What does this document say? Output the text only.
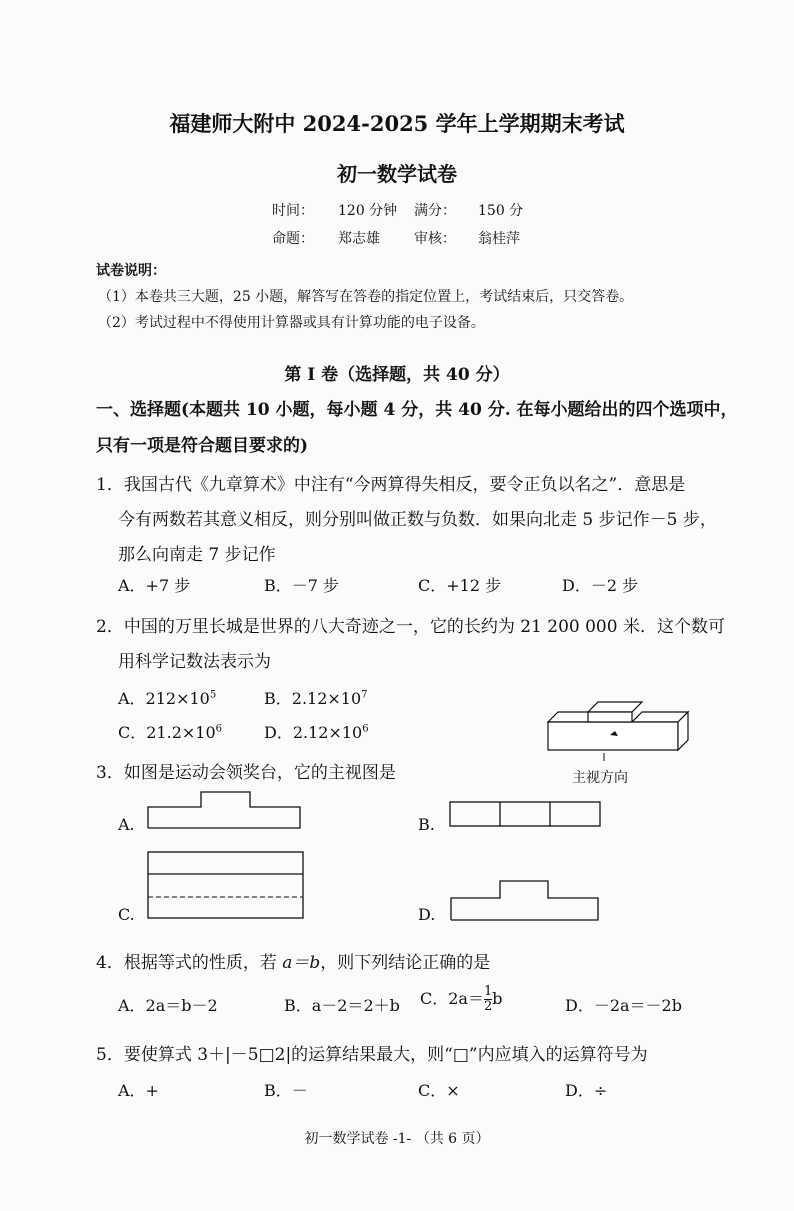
福建师大附中 2024-2025 学年上学期期末考试
初一数学试卷
时间： 120 分钟 满分： 150 分
命题： 郑志雄 审核： 翁桂萍
试卷说明：
（1）本卷共三大题，25 小题，解答写在答卷的指定位置上，考试结束后，只交答卷。
（2）考试过程中不得使用计算器或具有计算功能的电子设备。
第 I 卷（选择题，共 40 分）
一、选择题(本题共 10 小题，每小题 4 分，共 40 分. 在每小题给出的四个选项中，
只有一项是符合题目要求的)
1．我国古代《九章算术》中注有“今两算得失相反，要令正负以名之”．意思是
今有两数若其意义相反，则分别叫做正数与负数．如果向北走 5 步记作－5 步，
那么向南走 7 步记作
A．+7 步	B．－7 步	C．+12 步	D．－2 步
2．中国的万里长城是世界的八大奇迹之一，它的长约为 21 200 000 米．这个数可
用科学记数法表示为
A．$212\times 10^5$	B．$2.12\times 10^7$
C．$21.2\times 10^6$	D．$2.12\times 10^6$
主视方向
3．如图是运动会领奖台，它的主视图是
A.	B.
C.	D.
4．根据等式的性质，若 a＝b，则下列结论正确的是
A．2a＝b－2	B．a－2＝2＋b C．$2a= \frac{1}{2}$ b	D．－2a＝－2b
5．要使算式 3＋|－5□2|的运算结果最大，则“□”内应填入的运算符号为
A．+	B．－	C．×	D．÷
初一数学试卷 -1- （共 6 页）
